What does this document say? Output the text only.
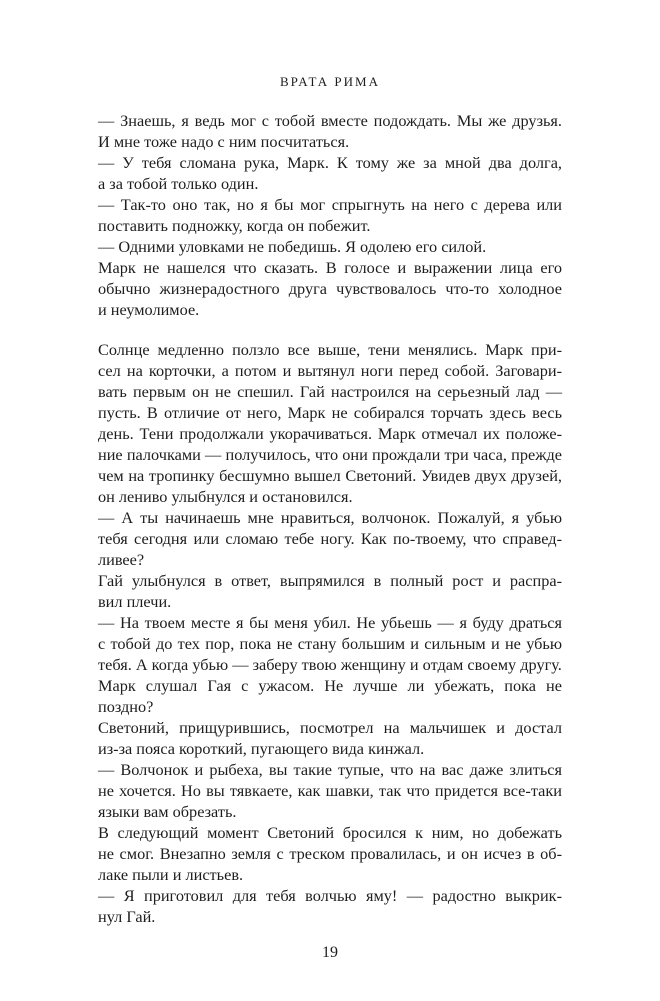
ВРАТА РИМА
— Знаешь, я ведь мог с тобой вместе подождать. Мы же друзья.
И мне тоже надо с ним посчитаться.
— У тебя сломана рука, Марк. К тому же за мной два долга,
а за тобой только один.
— Так-то оно так, но я бы мог спрыгнуть на него с дерева или
поставить подножку, когда он побежит.
— Одними уловками не победишь. Я одолею его силой.
Марк не нашелся что сказать. В голосе и выражении лица его
обычно жизнерадостного друга чувствовалось что-то холодное
и неумолимое.
Солнце медленно ползло все выше, тени менялись. Марк при-
сел на корточки, а потом и вытянул ноги перед собой. Заговари-
вать первым он не спешил. Гай настроился на серьезный лад —
пусть. В отличие от него, Марк не собирался торчать здесь весь
день. Тени продолжали укорачиваться. Марк отмечал их положе-
ние палочками — получилось, что они прождали три часа, прежде
чем на тропинку бесшумно вышел Светоний. Увидев двух друзей,
он лениво улыбнулся и остановился.
— А ты начинаешь мне нравиться, волчонок. Пожалуй, я убью
тебя сегодня или сломаю тебе ногу. Как по-твоему, что справед-
ливее?
Гай улыбнулся в ответ, выпрямился в полный рост и распра-
вил плечи.
— На твоем месте я бы меня убил. Не убьешь — я буду драться
с тобой до тех пор, пока не стану большим и сильным и не убью
тебя. А когда убью — заберу твою женщину и отдам своему другу.
Марк слушал Гая с ужасом. Не лучше ли убежать, пока не
поздно?
Светоний, прищурившись, посмотрел на мальчишек и достал
из-за пояса короткий, пугающего вида кинжал.
— Волчонок и рыбеха, вы такие тупые, что на вас даже злиться
не хочется. Но вы тявкаете, как шавки, так что придется все-таки
языки вам обрезать.
В следующий момент Светоний бросился к ним, но добежать
не смог. Внезапно земля с треском провалилась, и он исчез в об-
лаке пыли и листьев.
— Я приготовил для тебя волчью яму! — радостно выкрик-
нул Гай.
19
